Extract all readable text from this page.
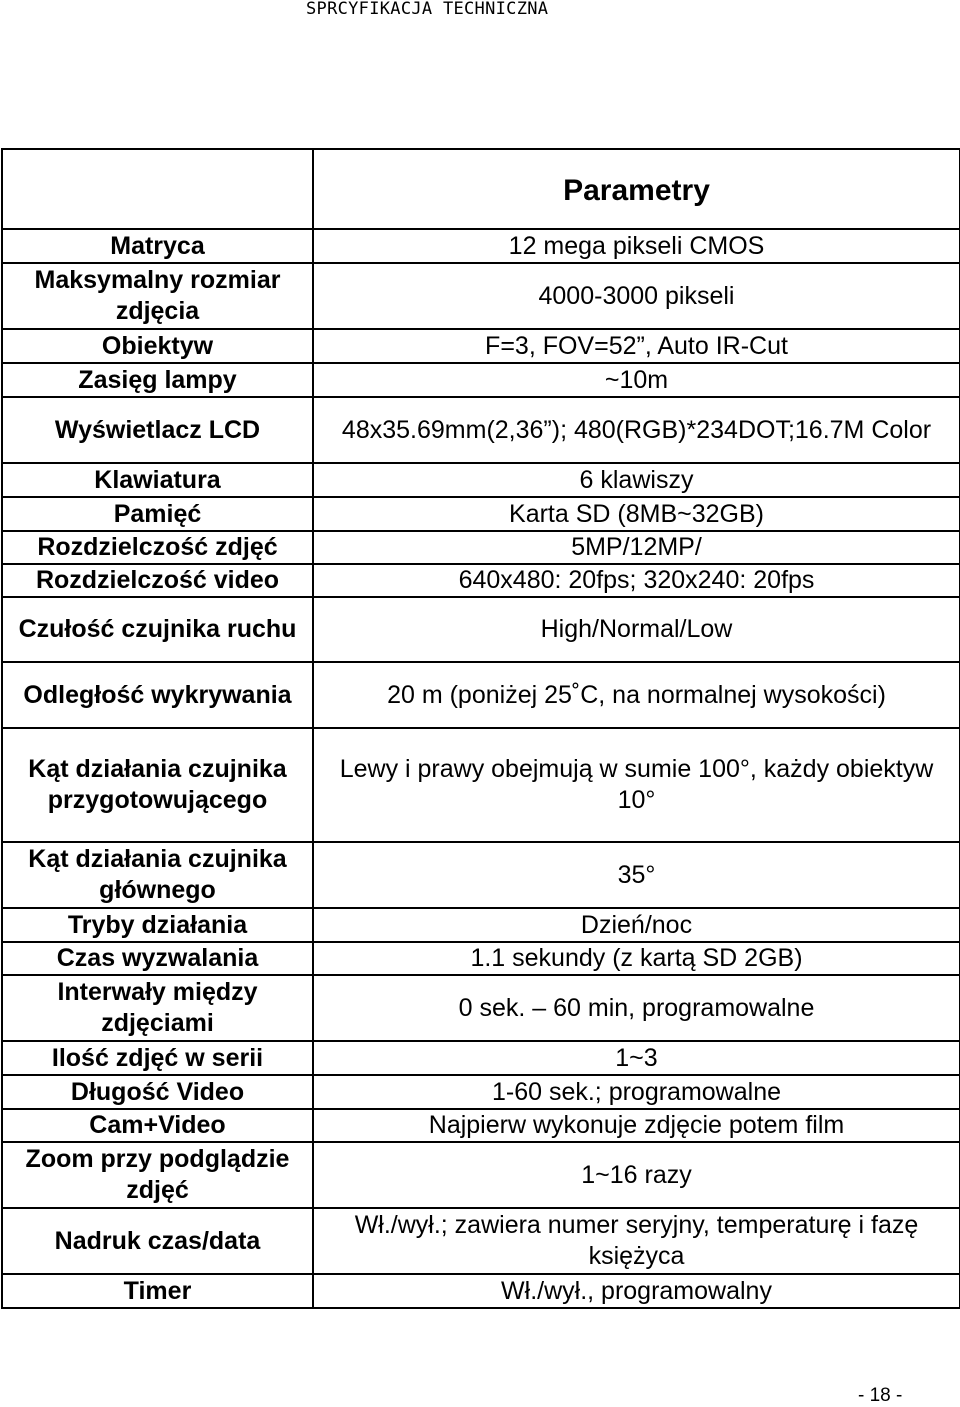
SPRCYFIKACJA TECHNICZNA
	Parametry
Matryca	12 mega pikseli CMOS
Maksymalny rozmiar zdjęcia	4000-3000 pikseli
Obiektyw	F=3, FOV=52”, Auto IR-Cut
Zasięg lampy	~10m
Wyświetlacz LCD	48x35.69mm(2,36”); 480(RGB)*234DOT;16.7M Color
Klawiatura	6 klawiszy
Pamięć	Karta SD (8MB~32GB)
Rozdzielczość zdjęć	5MP/12MP/
Rozdzielczość video	640x480: 20fps; 320x240: 20fps
Czułość czujnika ruchu	High/Normal/Low
Odległość wykrywania	20 m (poniżej 25˚C, na normalnej wysokości)
Kąt działania czujnika przygotowującego	Lewy i prawy obejmują w sumie 100°, każdy obiektyw 10°
Kąt działania czujnika głównego	35°
Tryby działania	Dzień/noc
Czas wyzwalania	1.1 sekundy (z kartą SD 2GB)
Interwały między zdjęciami	0 sek. – 60 min, programowalne
Ilość zdjęć w serii	1~3
Długość Video	1-60 sek.; programowalne
Cam+Video	Najpierw wykonuje zdjęcie potem film
Zoom przy podglądzie zdjęć	1~16 razy
Nadruk czas/data	Wł./wył.; zawiera numer seryjny, temperaturę i fazę księżyca
Timer	Wł./wył., programowalny
- 18 -
